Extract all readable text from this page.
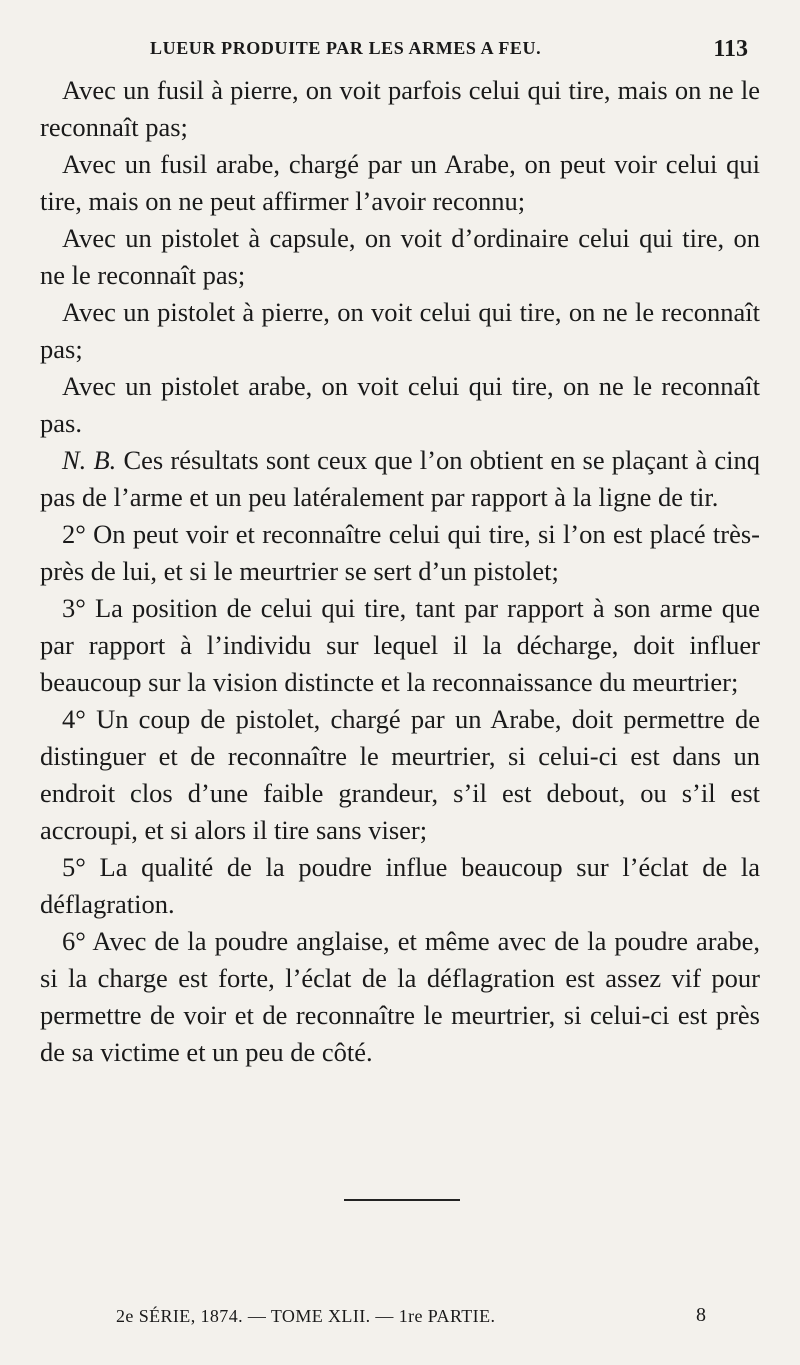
LUEUR PRODUITE PAR LES ARMES A FEU.	113

Avec un fusil à pierre, on voit parfois celui qui tire, mais on ne le reconnaît pas;

Avec un fusil arabe, chargé par un Arabe, on peut voir celui qui tire, mais on ne peut affirmer l’avoir reconnu;

Avec un pistolet à capsule, on voit d’ordinaire celui qui tire, on ne le reconnaît pas;

Avec un pistolet à pierre, on voit celui qui tire, on ne le reconnaît pas;

Avec un pistolet arabe, on voit celui qui tire, on ne le reconnaît pas.

N. B. Ces résultats sont ceux que l’on obtient en se plaçant à cinq pas de l’arme et un peu latéralement par rapport à la ligne de tir.

2° On peut voir et reconnaître celui qui tire, si l’on est placé très-près de lui, et si le meurtrier se sert d’un pistolet;

3° La position de celui qui tire, tant par rapport à son arme que par rapport à l’individu sur lequel il la décharge, doit influer beaucoup sur la vision distincte et la reconnaissance du meurtrier;

4° Un coup de pistolet, chargé par un Arabe, doit permettre de distinguer et de reconnaître le meurtrier, si celui-ci est dans un endroit clos d’une faible grandeur, s’il est debout, ou s’il est accroupi, et si alors il tire sans viser;

5° La qualité de la poudre influe beaucoup sur l’éclat de la déflagration.

6° Avec de la poudre anglaise, et même avec de la poudre arabe, si la charge est forte, l’éclat de la déflagration est assez vif pour permettre de voir et de reconnaître le meurtrier, si celui-ci est près de sa victime et un peu de côté.

2e SÉRIE, 1874. — TOME XLII. — 1re PARTIE.	8
